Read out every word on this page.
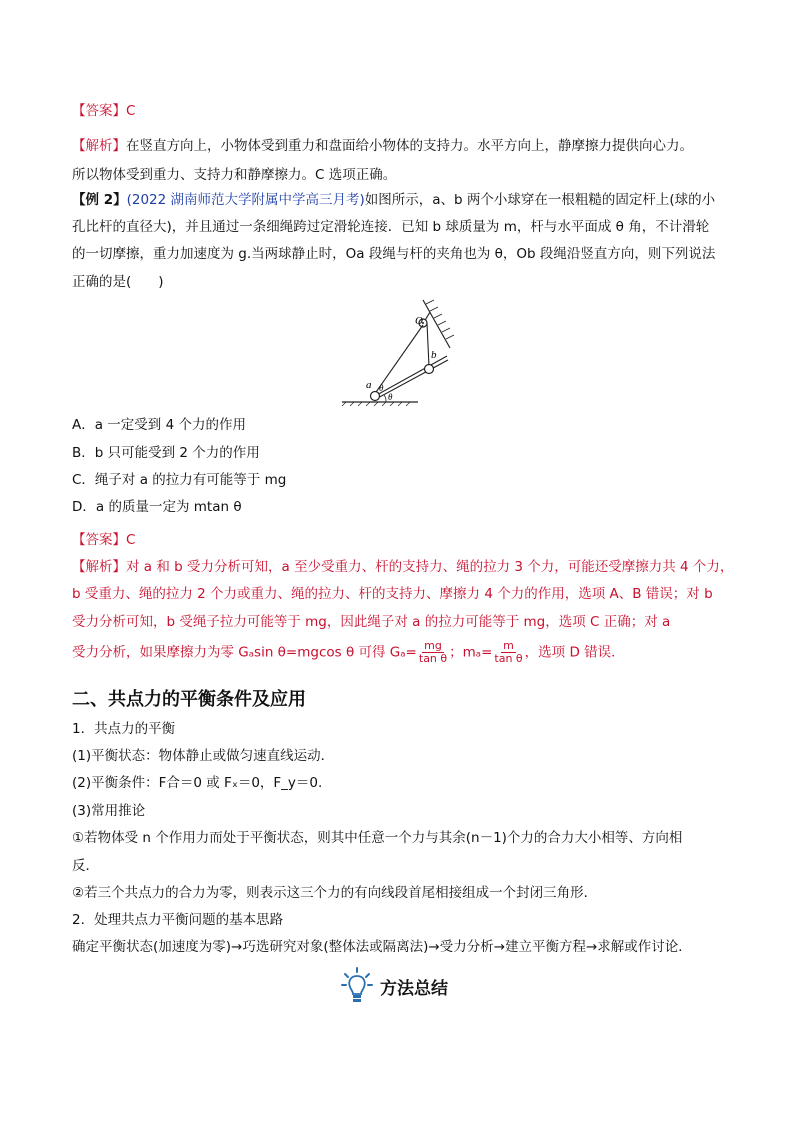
【答案】C
【解析】在竖直方向上，小物体受到重力和盘面给小物体的支持力。水平方向上，静摩擦力提供向心力。
所以物体受到重力、支持力和静摩擦力。C 选项正确。
【例 2】(2022 湖南师范大学附属中学高三月考)如图所示，a、b 两个小球穿在一根粗糙的固定杆上(球的小
孔比杆的直径大)，并且通过一条细绳跨过定滑轮连接．已知 b 球质量为 m，杆与水平面成 θ 角，不计滑轮
的一切摩擦，重力加速度为 g.当两球静止时，Oa 段绳与杆的夹角也为 θ，Ob 段绳沿竖直方向，则下列说法
正确的是(　　)
O
b
a θ
θ
A．a 一定受到 4 个力的作用
B．b 只可能受到 2 个力的作用
C．绳子对 a 的拉力有可能等于 mg
D．a 的质量一定为 mtan θ
【答案】C
【解析】对 a 和 b 受力分析可知，a 至少受重力、杆的支持力、绳的拉力 3 个力，可能还受摩擦力共 4 个力，
b 受重力、绳的拉力 2 个力或重力、绳的拉力、杆的支持力、摩擦力 4 个力的作用，选项 A、B 错误；对 b
受力分析可知，b 受绳子拉力可能等于 mg，因此绳子对 a 的拉力可能等于 mg，选项 C 正确；对 a
受力分析，如果摩擦力为零 Gₐsin θ=mgcos θ 可得 $G_a= \frac{mg}{\text{tan θ}}$ ；$m_a= \frac{m}{\text{tan θ}}$ ，选项 D 错误．
二、共点力的平衡条件及应用
1．共点力的平衡
(1)平衡状态：物体静止或做匀速直线运动．
(2)平衡条件：F合＝0 或 Fₓ＝0，F_y＝0.
(3)常用推论
①若物体受 n 个作用力而处于平衡状态，则其中任意一个力与其余(n－1)个力的合力大小相等、方向相
反．
②若三个共点力的合力为零，则表示这三个力的有向线段首尾相接组成一个封闭三角形．
2．处理共点力平衡问题的基本思路
确定平衡状态(加速度为零)→巧选研究对象(整体法或隔离法)→受力分析→建立平衡方程→求解或作讨论．
方法总结
